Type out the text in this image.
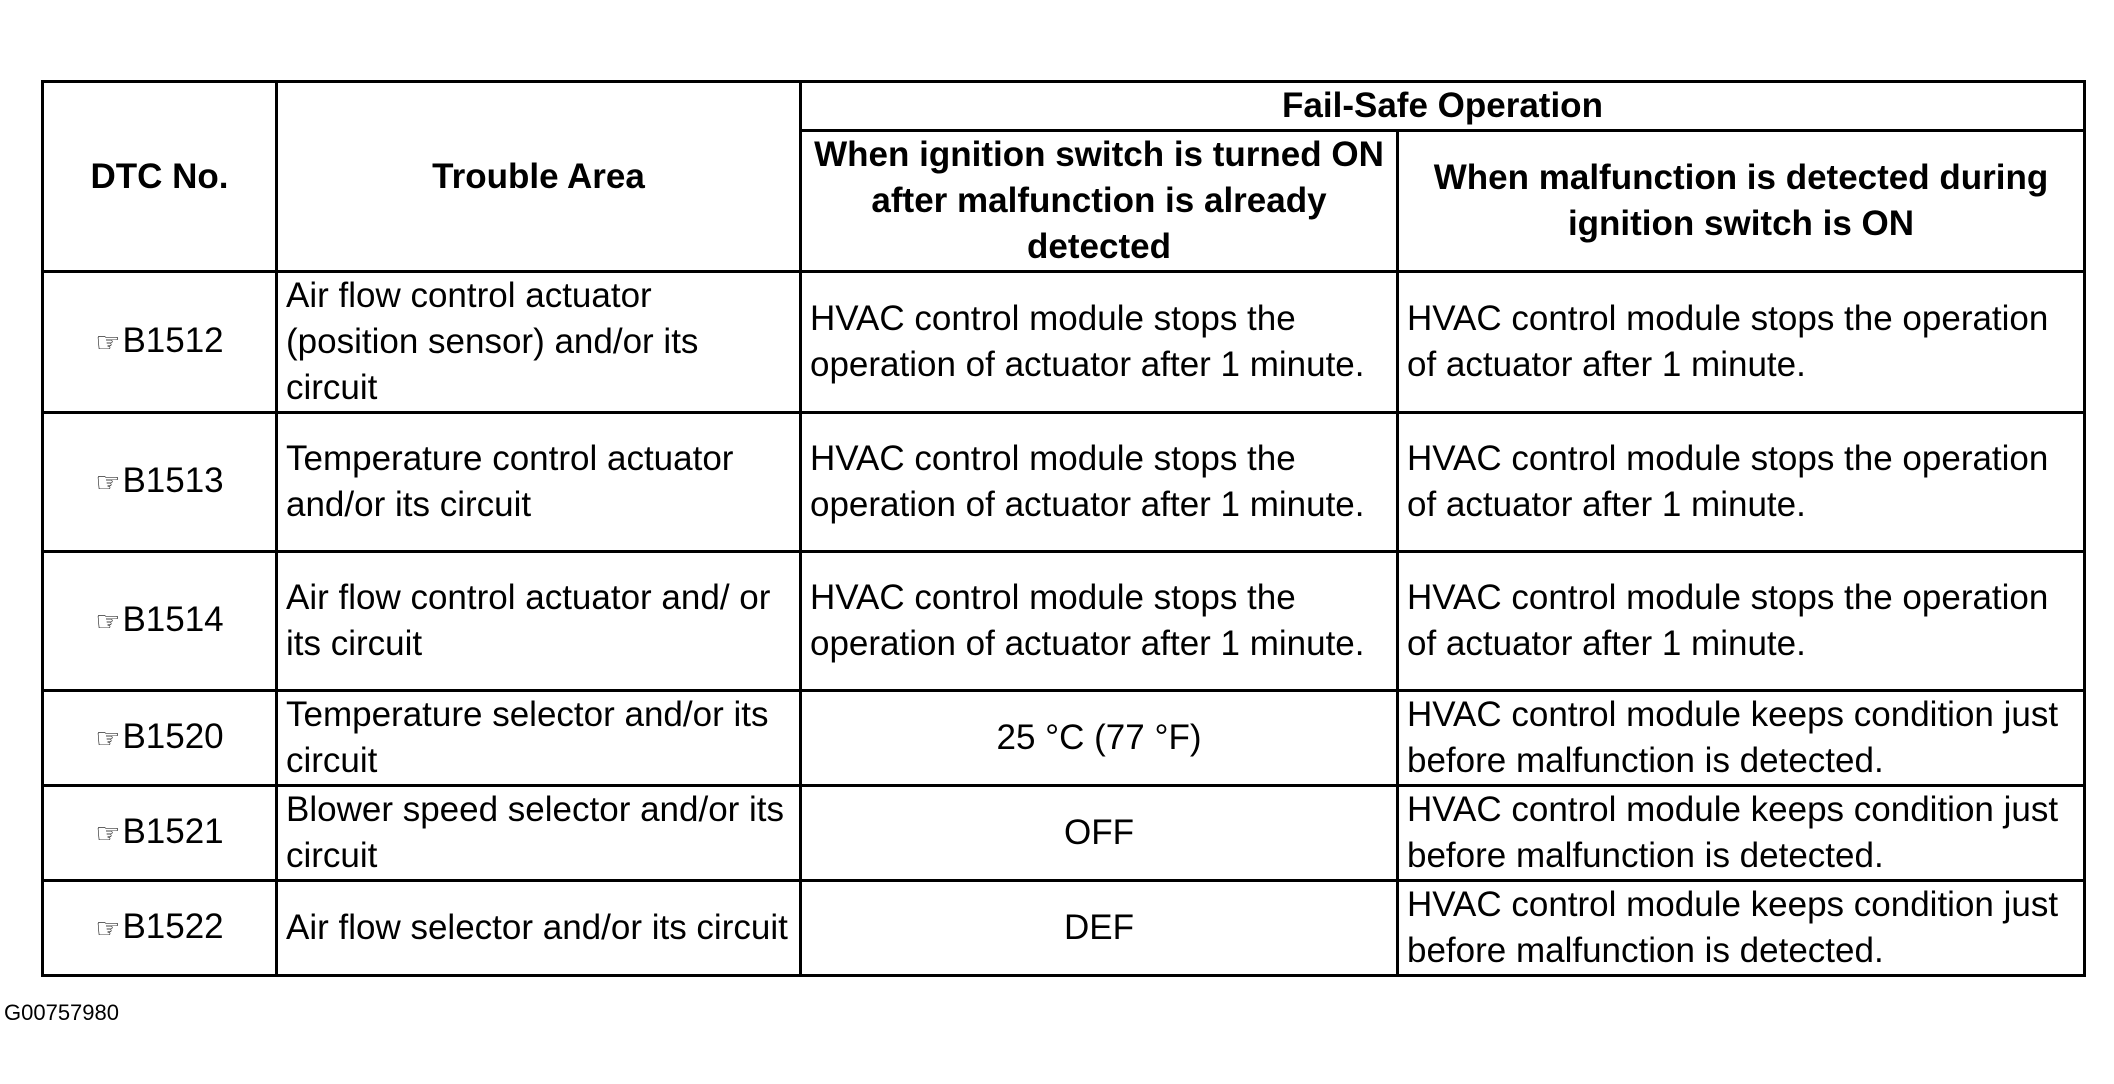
DTC No.	Trouble Area	Fail-Safe Operation	
		When ignition switch is turned ON after malfunction is already detected	When malfunction is detected during ignition switch is ON
☞B1512	Air flow control actuator (position sensor) and/or its circuit	HVAC control module stops the operation of actuator after 1 minute.	HVAC control module stops the operation of actuator after 1 minute.
☞B1513	Temperature control actuator and/or its circuit	HVAC control module stops the operation of actuator after 1 minute.	HVAC control module stops the operation of actuator after 1 minute.
☞B1514	Air flow control actuator and/ or its circuit	HVAC control module stops the operation of actuator after 1 minute.	HVAC control module stops the operation of actuator after 1 minute.
☞B1520	Temperature selector and/or its circuit	25 °C (77 °F)	HVAC control module keeps condition just before malfunction is detected.
☞B1521	Blower speed selector and/or its circuit	OFF	HVAC control module keeps condition just before malfunction is detected.
☞B1522	Air flow selector and/or its circuit	DEF	HVAC control module keeps condition just before malfunction is detected.
G00757980
